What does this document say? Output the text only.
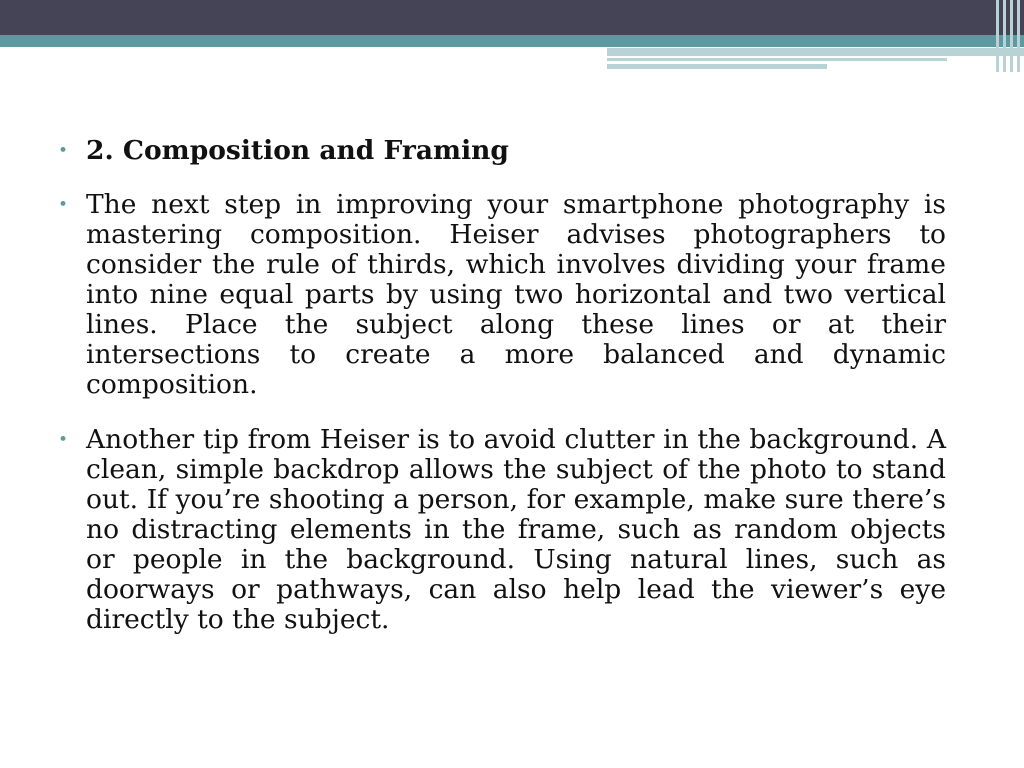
• 2. Composition and Framing
• The next step in improving your smartphone photography is mastering composition. Heiser advises photographers to consider the rule of thirds, which involves dividing your frame into nine equal parts by using two horizontal and two vertical lines. Place the subject along these lines or at their intersections to create a more balanced and dynamic composition.
• Another tip from Heiser is to avoid clutter in the background. A clean, simple backdrop allows the subject of the photo to stand out. If you’re shooting a person, for example, make sure there’s no distracting elements in the frame, such as random objects or people in the background. Using natural lines, such as doorways or pathways, can also help lead the viewer’s eye directly to the subject.
